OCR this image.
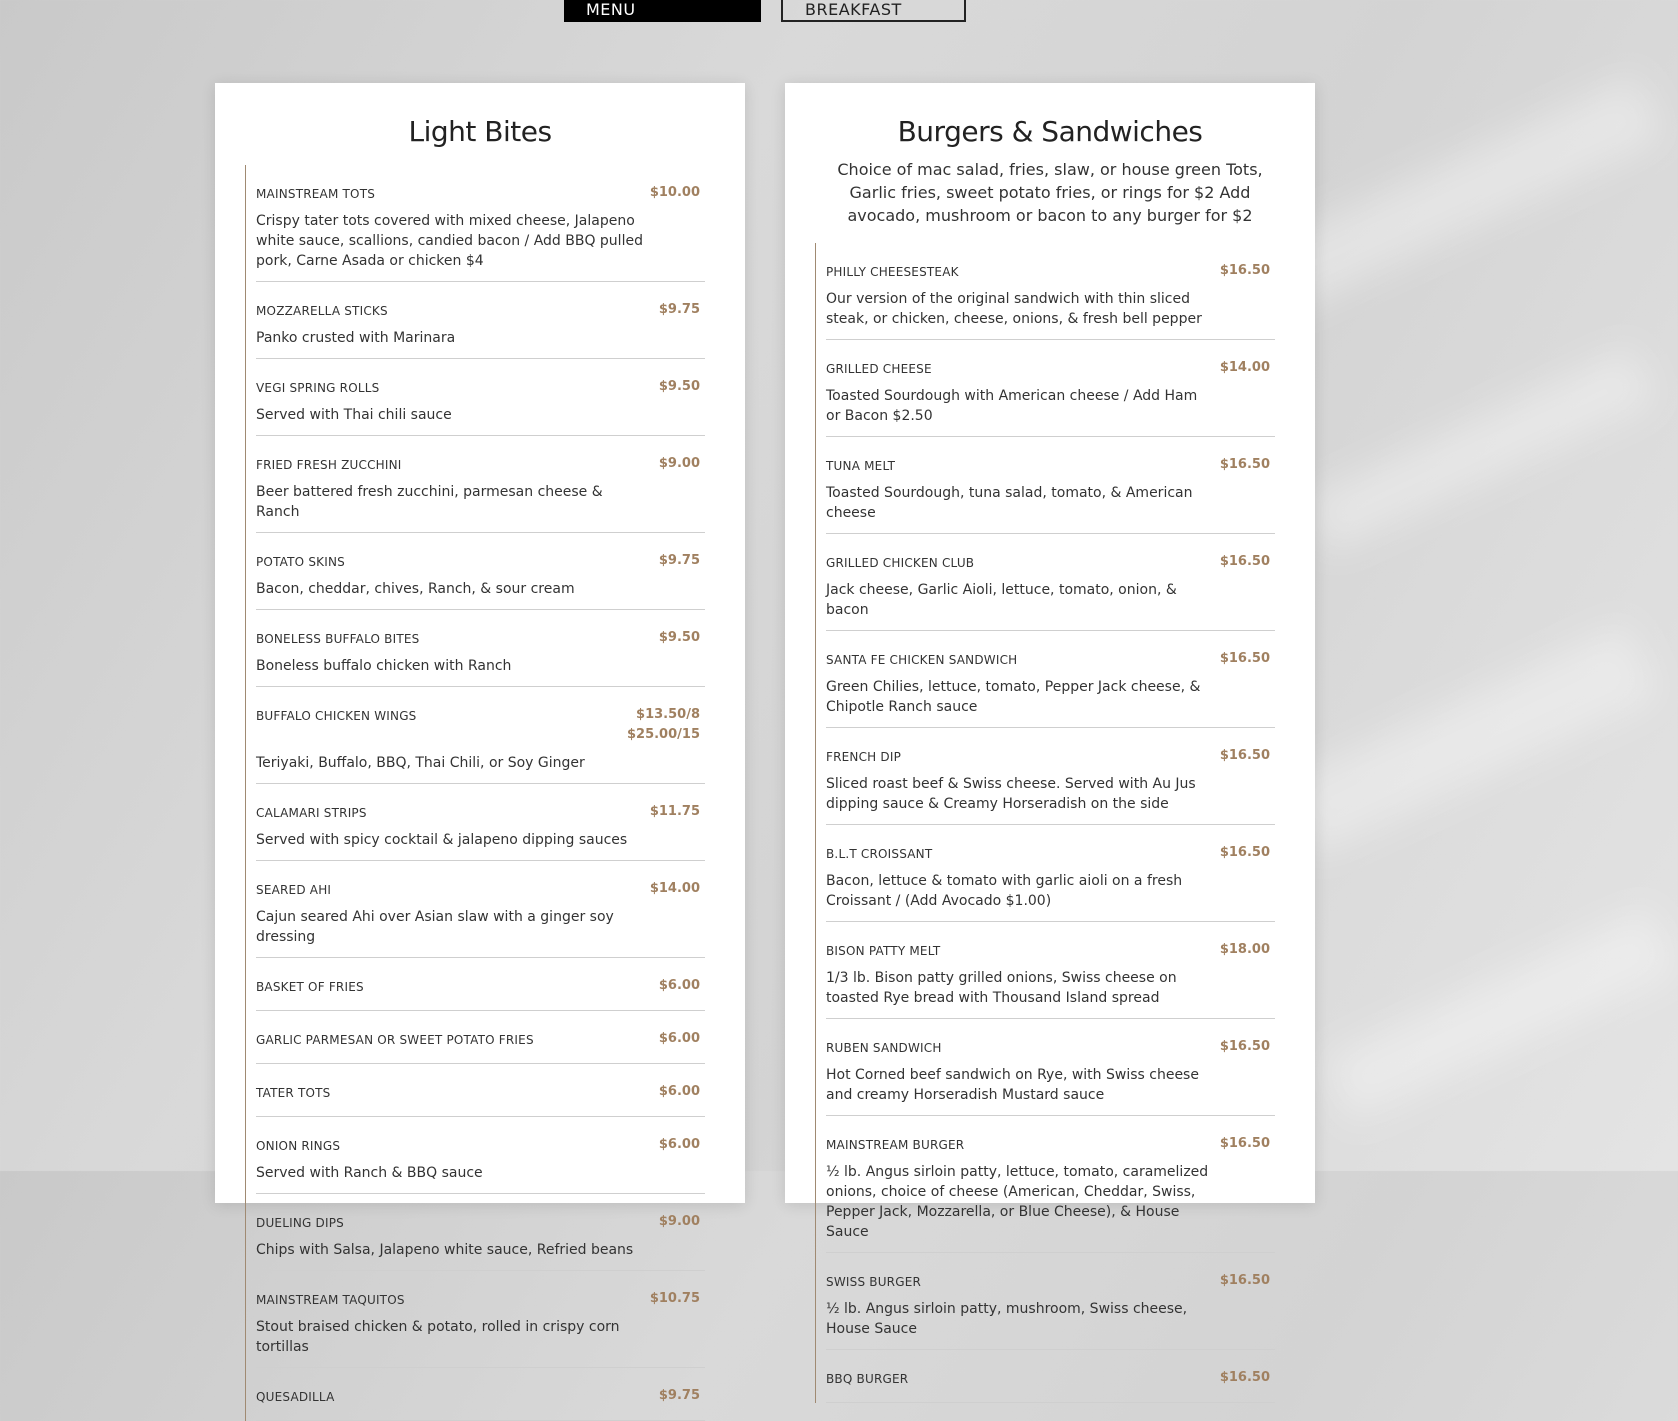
MENU	BREAKFAST
Light Bites
MAINSTREAM TOTS	$10.00
Crispy tater tots covered with mixed cheese, Jalapeno white sauce, scallions, candied bacon / Add BBQ pulled pork, Carne Asada or chicken $4
MOZZARELLA STICKS	$9.75
Panko crusted with Marinara
VEGI SPRING ROLLS	$9.50
Served with Thai chili sauce
FRIED FRESH ZUCCHINI	$9.00
Beer battered fresh zucchini, parmesan cheese & Ranch
POTATO SKINS	$9.75
Bacon, cheddar, chives, Ranch, & sour cream
BONELESS BUFFALO BITES	$9.50
Boneless buffalo chicken with Ranch
BUFFALO CHICKEN WINGS	$13.50/8
$25.00/15
Teriyaki, Buffalo, BBQ, Thai Chili, or Soy Ginger
CALAMARI STRIPS	$11.75
Served with spicy cocktail & jalapeno dipping sauces
SEARED AHI	$14.00
Cajun seared Ahi over Asian slaw with a ginger soy dressing
BASKET OF FRIES	$6.00
GARLIC PARMESAN OR SWEET POTATO FRIES	$6.00
TATER TOTS	$6.00
ONION RINGS	$6.00
Served with Ranch & BBQ sauce
DUELING DIPS	$9.00
Chips with Salsa, Jalapeno white sauce, Refried beans
MAINSTREAM TAQUITOS	$10.75
Stout braised chicken & potato, rolled in crispy corn tortillas
QUESADILLA	$9.75
Burgers & Sandwiches
Choice of mac salad, fries, slaw, or house green Tots, Garlic fries, sweet potato fries, or rings for $2 Add avocado, mushroom or bacon to any burger for $2
PHILLY CHEESESTEAK	$16.50
Our version of the original sandwich with thin sliced steak, or chicken, cheese, onions, & fresh bell pepper
GRILLED CHEESE	$14.00
Toasted Sourdough with American cheese / Add Ham or Bacon $2.50
TUNA MELT	$16.50
Toasted Sourdough, tuna salad, tomato, & American cheese
GRILLED CHICKEN CLUB	$16.50
Jack cheese, Garlic Aioli, lettuce, tomato, onion, & bacon
SANTA FE CHICKEN SANDWICH	$16.50
Green Chilies, lettuce, tomato, Pepper Jack cheese, & Chipotle Ranch sauce
FRENCH DIP	$16.50
Sliced roast beef & Swiss cheese. Served with Au Jus dipping sauce & Creamy Horseradish on the side
B.L.T CROISSANT	$16.50
Bacon, lettuce & tomato with garlic aioli on a fresh Croissant / (Add Avocado $1.00)
BISON PATTY MELT	$18.00
1/3 lb. Bison patty grilled onions, Swiss cheese on toasted Rye bread with Thousand Island spread
RUBEN SANDWICH	$16.50
Hot Corned beef sandwich on Rye, with Swiss cheese and creamy Horseradish Mustard sauce
MAINSTREAM BURGER	$16.50
½ lb. Angus sirloin patty, lettuce, tomato, caramelized onions, choice of cheese (American, Cheddar, Swiss, Pepper Jack, Mozzarella, or Blue Cheese), & House Sauce
SWISS BURGER	$16.50
½ lb. Angus sirloin patty, mushroom, Swiss cheese, House Sauce
BBQ BURGER	$16.50
